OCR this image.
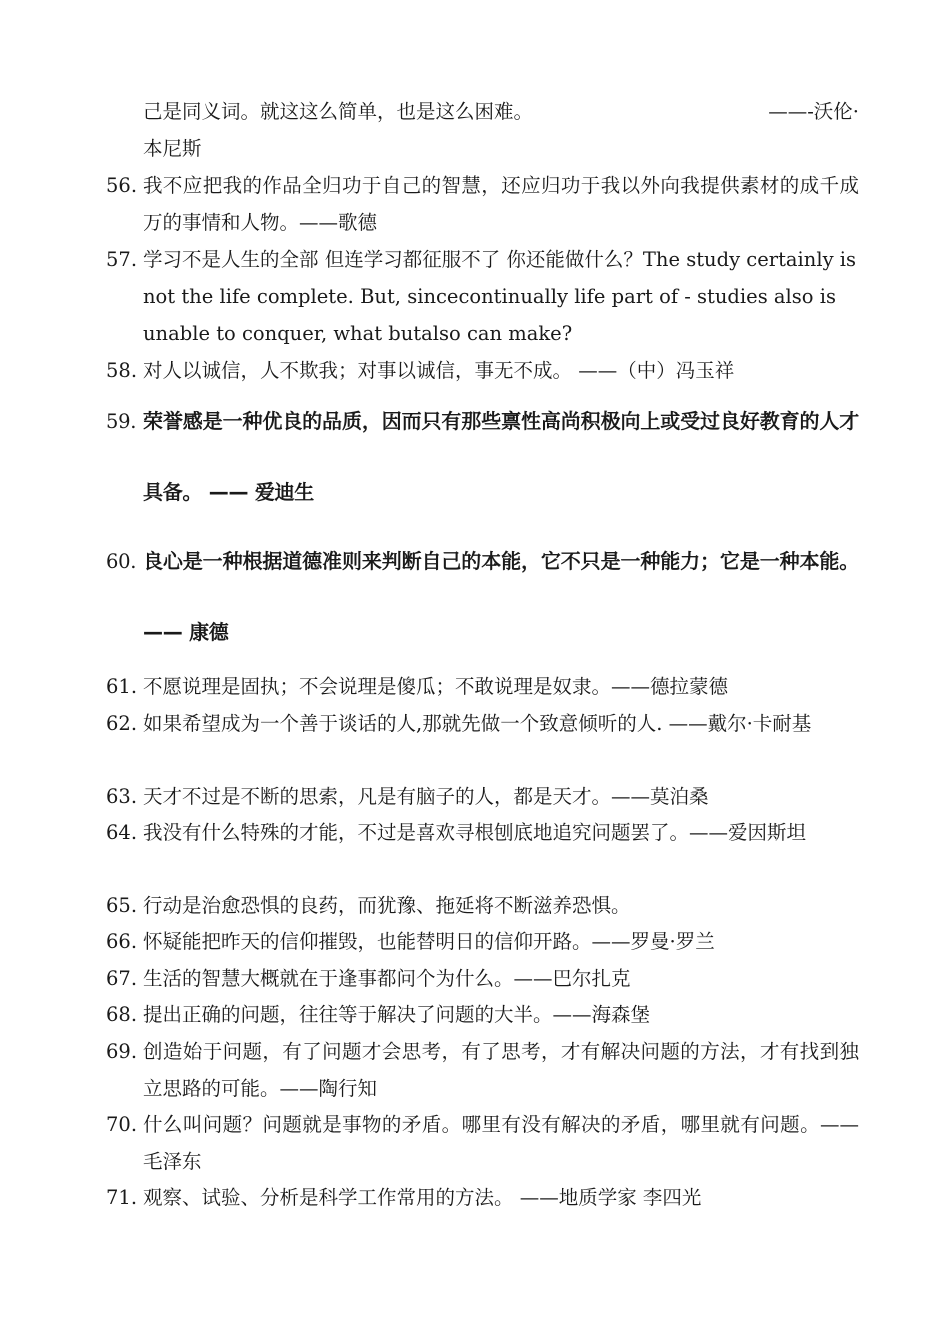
己是同义词。就这这么简单，也是这么困难。	——-沃伦·
本尼斯
56. 我不应把我的作品全归功于自己的智慧，还应归功于我以外向我提供素材的成千成万的事情和人物。——歌德
57. 学习不是人生的全部 但连学习都征服不了 你还能做什么？The study certainly is not the life complete. But, sincecontinually life part of - studies also is unable to conquer, what butalso can make?
58. 对人以诚信，人不欺我；对事以诚信，事无不成。 ——（中）冯玉祥
59. 荣誉感是一种优良的品质，因而只有那些禀性高尚积极向上或受过良好教育的人才具备。 —— 爱迪生
60. 良心是一种根据道德准则来判断自己的本能，它不只是一种能力；它是一种本能。 —— 康德
61. 不愿说理是固执；不会说理是傻瓜；不敢说理是奴隶。——德拉蒙德
62. 如果希望成为一个善于谈话的人,那就先做一个致意倾听的人. ——戴尔·卡耐基
63. 天才不过是不断的思索，凡是有脑子的人，都是天才。——莫泊桑
64. 我没有什么特殊的才能，不过是喜欢寻根刨底地追究问题罢了。——爱因斯坦
65. 行动是治愈恐惧的良药，而犹豫、拖延将不断滋养恐惧。
66. 怀疑能把昨天的信仰摧毁，也能替明日的信仰开路。——罗曼·罗兰
67. 生活的智慧大概就在于逢事都问个为什么。——巴尔扎克
68. 提出正确的问题，往往等于解决了问题的大半。——海森堡
69. 创造始于问题，有了问题才会思考，有了思考，才有解决问题的方法，才有找到独立思路的可能。——陶行知
70. 什么叫问题？问题就是事物的矛盾。哪里有没有解决的矛盾，哪里就有问题。——毛泽东
71. 观察、试验、分析是科学工作常用的方法。 ——地质学家 李四光
